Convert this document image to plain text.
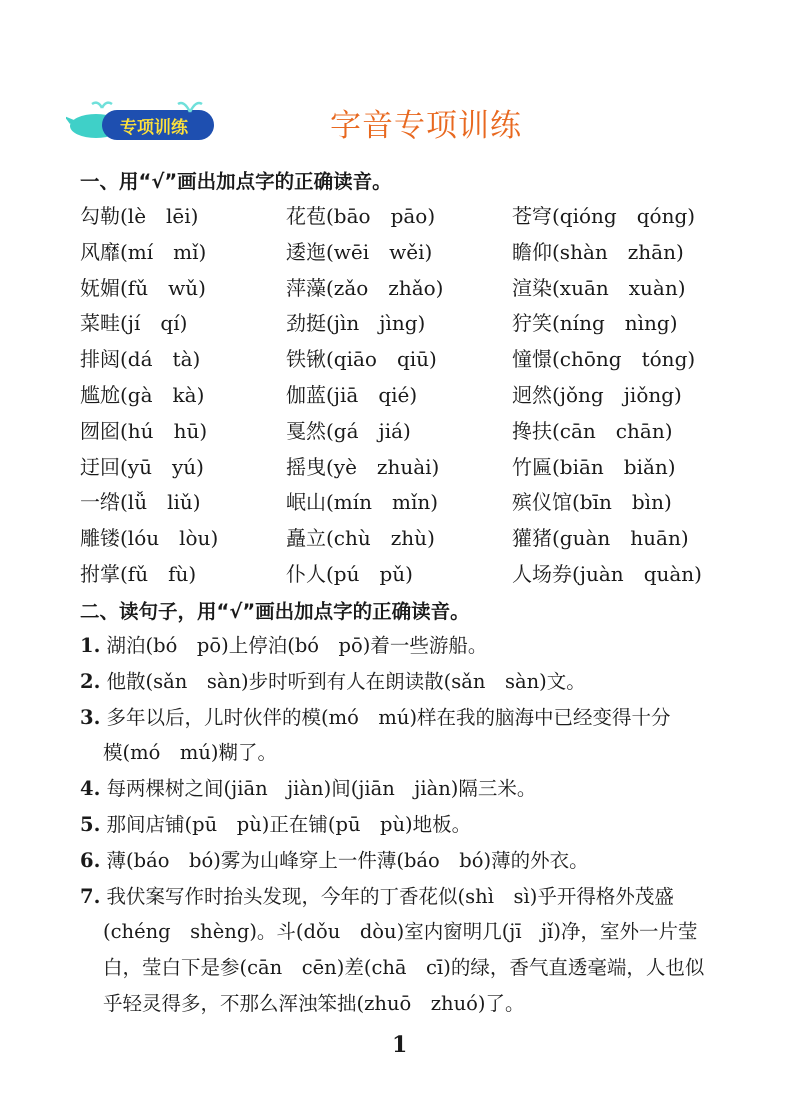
专项训练	字音专项训练
一、用“√”画出加点字的正确读音。
勾勒(lè　lēi)	花苞(bāo　pāo)	苍穹(qióng　qóng)
风靡(mí　mǐ)	逶迤(wēi　wěi)	瞻仰(shàn　zhān)
妩媚(fǔ　wǔ)	萍藻(zǎo　zhǎo)	渲染(xuān　xuàn)
菜畦(jí　qí)	劲挺(jìn　jìng)	狞笑(níng　nìng)
排闼(dá　tà)	铁锹(qiāo　qiū)	憧憬(chōng　tóng)
尴尬(gà　kà)	伽蓝(jiā　qié)	迥然(jǒng　jiǒng)
囫囵(hú　hū)	戛然(gá　jiá)	搀扶(cān　chān)
迂回(yū　yú)	摇曳(yè　zhuài)	竹匾(biān　biǎn)
一绺(lǚ　liǔ)	岷山(mín　mǐn)	殡仪馆(bīn　bìn)
雕镂(lóu　lòu)	矗立(chù　zhù)	獾猪(guàn　huān)
拊掌(fǔ　fù)	仆人(pú　pǔ)	人场券(juàn　quàn)
二、读句子，用“√”画出加点字的正确读音。
1. 湖泊(bó　pō)上停泊(bó　pō)着一些游船。
2. 他散(sǎn　sàn)步时听到有人在朗读散(sǎn　sàn)文。
3. 多年以后，儿时伙伴的模(mó　mú)样在我的脑海中已经变得十分
模(mó　mú)糊了。
4. 每两棵树之间(jiān　jiàn)间(jiān　jiàn)隔三米。
5. 那间店铺(pū　pù)正在铺(pū　pù)地板。
6. 薄(báo　bó)雾为山峰穿上一件薄(báo　bó)薄的外衣。
7. 我伏案写作时抬头发现，今年的丁香花似(shì　sì)乎开得格外茂盛
(chéng　shèng)。斗(dǒu　dòu)室内窗明几(jī　jǐ)净，室外一片莹
白，莹白下是参(cān　cēn)差(chā　cī)的绿，香气直透毫端，人也似
乎轻灵得多，不那么浑浊笨拙(zhuō　zhuó)了。
1
